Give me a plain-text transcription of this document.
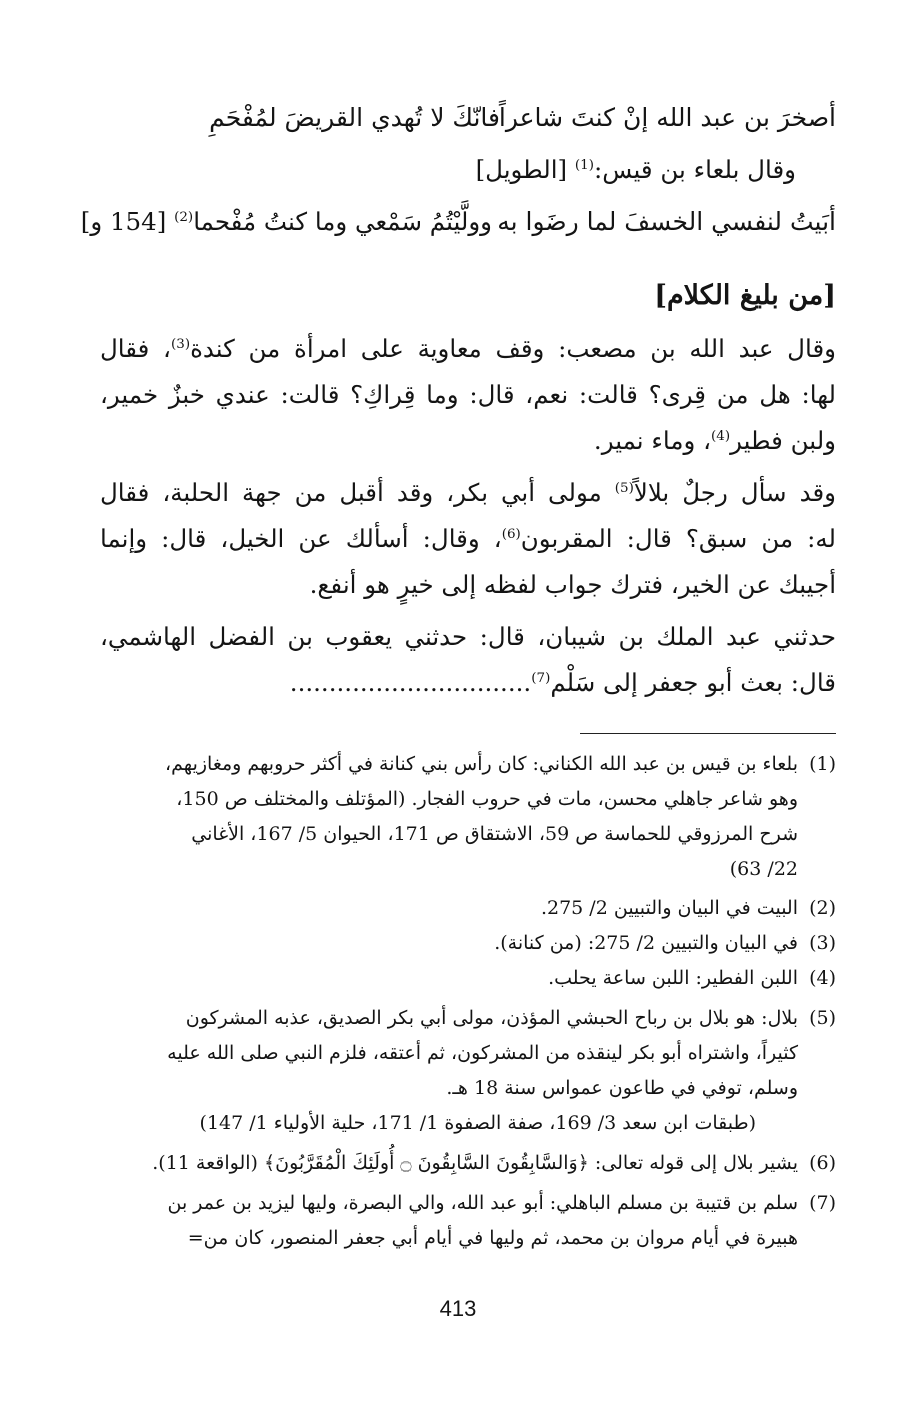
أصخرَ بن عبد الله إنْ كنتَ شاعراً
فانّكَ لا تُهدي القريضَ لمُفْحَمِ
وقال بلعاء بن قيس:$^{(1)}$ [الطويل]
أبَيتُ لنفسي الخسفَ لما رضَوا به
وولَّيْتُمُ سَمْعي وما كنتُ مُفْحما$^{(2)}$ [154 و]
[من بليغ الكلام]
وقال عبد الله بن مصعب: وقف معاوية على امرأة من كندة$^{(3)}$، فقال
لها: هل من قِرى؟ قالت: نعم، قال: وما قِراكِ؟ قالت: عندي خبزٌ خمير،
ولبن فطير$^{(4)}$، وماء نمير.
وقد سأل رجلٌ بلالاً$^{(5)}$ مولى أبي بكر، وقد أقبل من جهة الحلبة، فقال
له: من سبق؟ قال: المقربون$^{(6)}$، وقال: أسألك عن الخيل، قال: وإنما
أجيبك عن الخير، فترك جواب لفظه إلى خيرٍ هو أنفع.
حدثني عبد الملك بن شيبان، قال: حدثني يعقوب بن الفضل الهاشمي،
قال: بعث أبو جعفر إلى سَلْم$^{(7)}$...............................
(1)بلعاء بن قيس بن عبد الله الكناني: كان رأس بني كنانة في أكثر حروبهم ومغازيهم،
وهو شاعر جاهلي محسن، مات في حروب الفجار. (المؤتلف والمختلف ص 150،
شرح المرزوقي للحماسة ص 59، الاشتقاق ص 171، الحيوان 5/ 167، الأغاني
22/ 63)
(2)البيت في البيان والتبيين 2/ 275.
(3)في البيان والتبيين 2/ 275: (من كنانة).
(4)اللبن الفطير: اللبن ساعة يحلب.
(5)بلال: هو بلال بن رباح الحبشي المؤذن، مولى أبي بكر الصديق، عذبه المشركون
كثيراً، واشتراه أبو بكر لينقذه من المشركون، ثم أعتقه، فلزم النبي صلى الله عليه
وسلم، توفي في طاعون عمواس سنة 18 هـ.
(طبقات ابن سعد 3/ 169، صفة الصفوة 1/ 171، حلية الأولياء 1/ 147)
(6)يشير بلال إلى قوله تعالى: ﴿وَالسَّابِقُونَ السَّابِقُونَ ۝ أُولَئِكَ الْمُقَرَّبُونَ﴾ (الواقعة 11).
(7)سلم بن قتيبة بن مسلم الباهلي: أبو عبد الله، والي البصرة، وليها ليزيد بن عمر بن
هبيرة في أيام مروان بن محمد، ثم وليها في أيام أبي جعفر المنصور، كان من=
413
